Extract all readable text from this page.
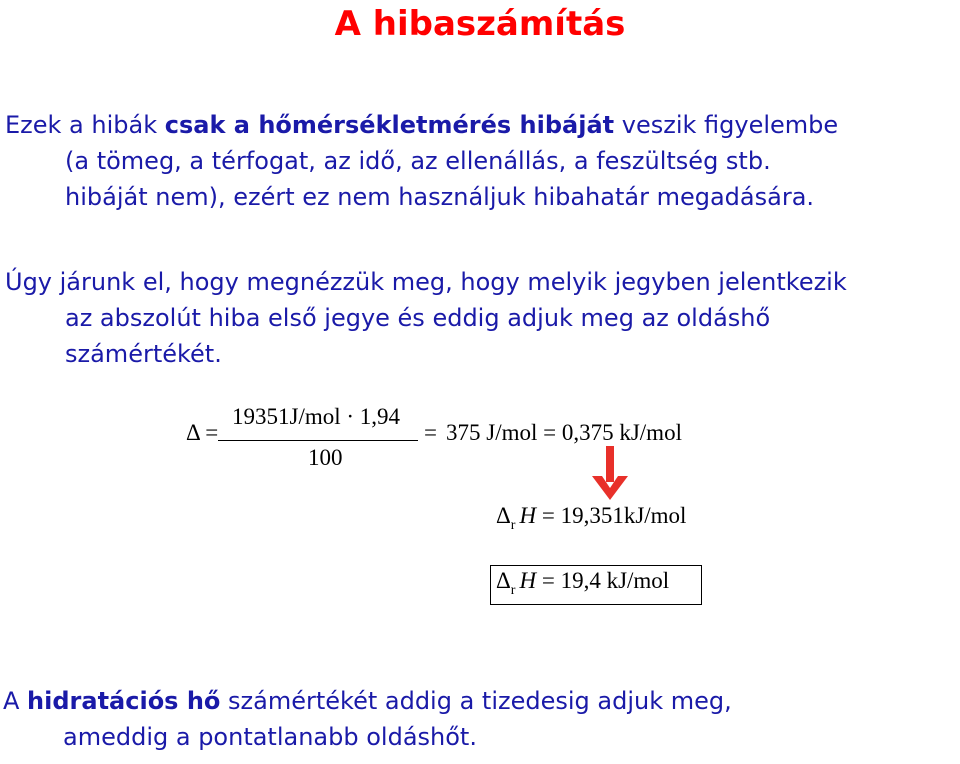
A hibaszámítás
Ezek a hibák csak a hőmérsékletmérés hibáját veszik figyelembe
(a tömeg, a térfogat, az idő, az ellenállás, a feszültség stb.
hibáját nem), ezért ez nem használjuk hibahatár megadására.
Úgy járunk el, hogy megnézzük meg, hogy melyik jegyben jelentkezik
az abszolút hiba első jegye és eddig adjuk meg az oldáshő
számértékét.
Δ =
19351J/mol · 1,94
100
= 375 J/mol = 0,375 kJ/mol
$\Delta_r$ H = 19,351kJ/mol
$\Delta_r$ H = 19,4 kJ/mol
A hidratációs hő számértékét addig a tizedesig adjuk meg,
ameddig a pontatlanabb oldáshőt.
